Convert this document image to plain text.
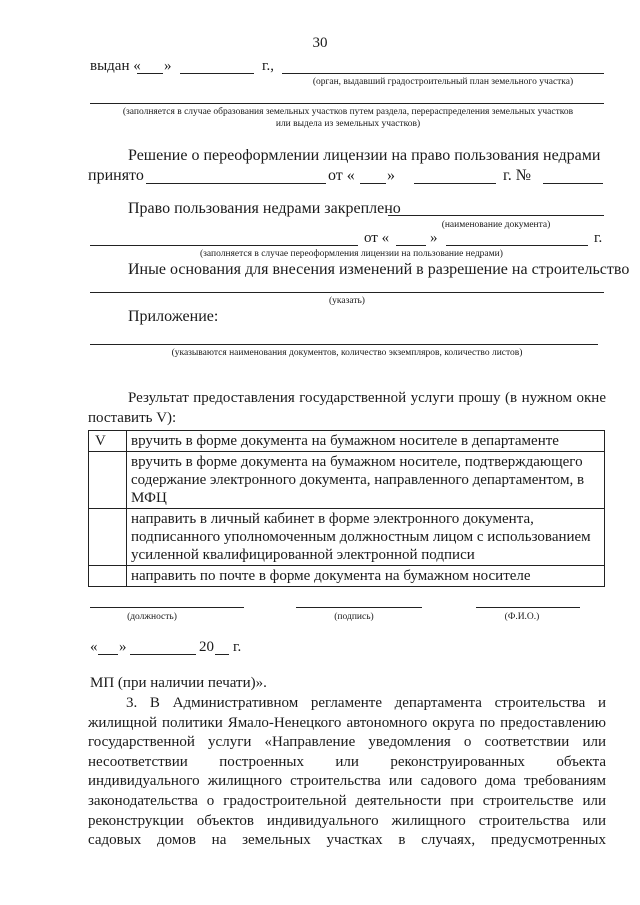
30
выдан « »	г.,
(орган, выдавший градостроительный план земельного участка)
(заполняется в случае образования земельных участков путем раздела, перераспределения земельных участков
или выдела из земельных участков)
Решение о переоформлении лицензии на право пользования недрами
принято	от « »	г. №
Право пользования недрами закреплено
(наименование документа)
от «	»	г.
(заполняется в случае переоформления лицензии на пользование недрами)
Иные основания для внесения изменений в разрешение на строительство
(указать)
Приложение:
(указываются наименования документов, количество экземпляров, количество листов)
Результат предоставления государственной услуги прошу (в нужном окне
поставить V):
V	вручить в форме документа на бумажном носителе в департаменте
	вручить в форме документа на бумажном носителе, подтверждающего
содержание электронного документа, направленного департаментом, в
МФЦ
	направить в личный кабинет в форме электронного документа,
подписанного уполномоченным должностным лицом с использованием
усиленной квалифицированной электронной подписи
	направить по почте в форме документа на бумажном носителе
(должность)	(подпись)	(Ф.И.О.)
« »	20 г.
МП (при наличии печати)».
3. В Административном регламенте департамента строительства и
жилищной политики Ямало-Ненецкого автономного округа по предоставлению
государственной услуги «Направление уведомления о соответствии или
несоответствии построенных или реконструированных объекта
индивидуального жилищного строительства или садового дома требованиям
законодательства о градостроительной деятельности при строительстве или
реконструкции объектов индивидуального жилищного строительства или
садовых домов на земельных участках в случаях, предусмотренных
